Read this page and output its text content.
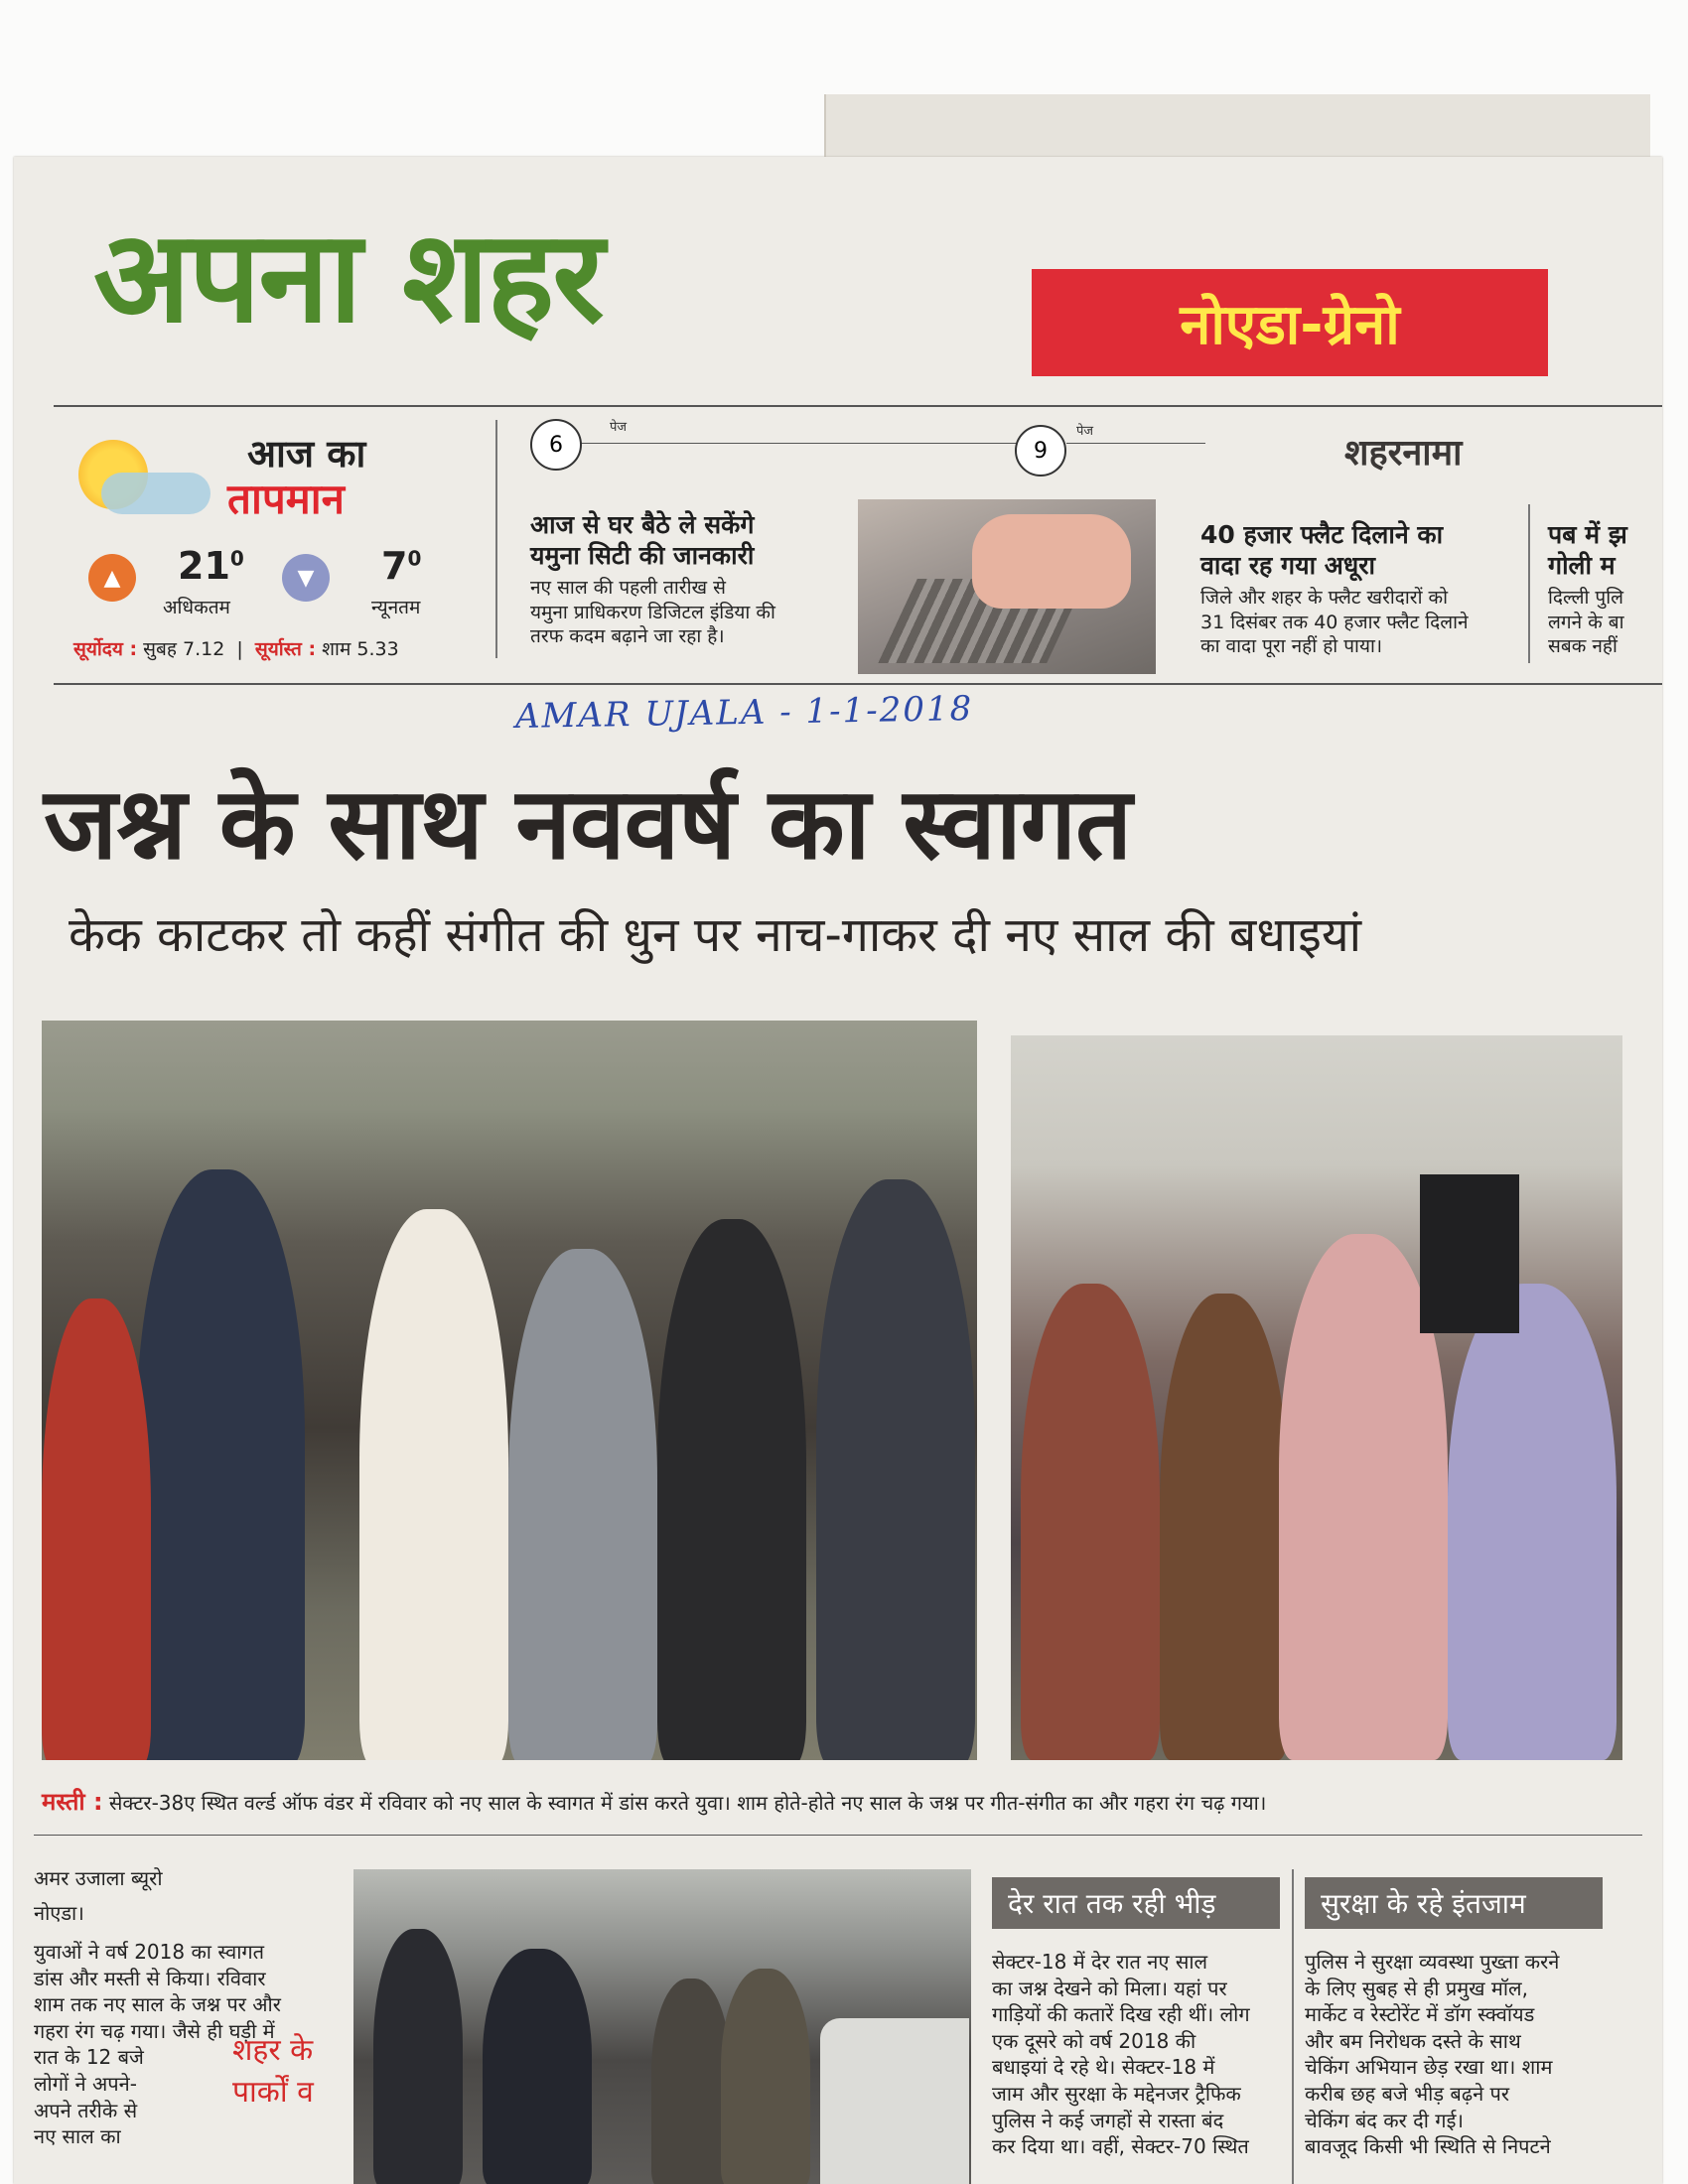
अपना शहर	नोएडा-ग्रेनो
आज का
तापमान
▲	$21^0$
अधिकतम
▼	$7^0$
न्यूनतम
सूर्योदय : सुबह 7.12  |  सूर्यास्त : शाम 5.33
6
पेज
9
पेज
शहरनामा
आज से घर बैठे ले सकेंगे
यमुना सिटी की जानकारी
नए साल की पहली तारीख से
यमुना प्राधिकरण डिजिटल इंडिया की
तरफ कदम बढ़ाने जा रहा है।
40 हजार फ्लैट दिलाने का
वादा रह गया अधूरा
जिले और शहर के फ्लैट खरीदारों को
31 दिसंबर तक 40 हजार फ्लैट दिलाने
का वादा पूरा नहीं हो पाया।
पब में झ
गोली म
दिल्ली पुलि
लगने के बा
सबक नहीं
AMAR UJALA - 1-1-2018
जश्न के साथ नववर्ष का स्वागत
केक काटकर तो कहीं संगीत की धुन पर नाच-गाकर दी नए साल की बधाइयां
मस्ती : सेक्टर-38ए स्थित वर्ल्ड ऑफ वंडर में रविवार को नए साल के स्वागत में डांस करते युवा। शाम होते-होते नए साल के जश्न पर गीत-संगीत का और गहरा रंग चढ़ गया।
अमर उजाला ब्यूरो
नोएडा।
युवाओं ने वर्ष 2018 का स्वागत
डांस और मस्ती से किया। रविवार
शाम तक नए साल के जश्न पर और
गहरा रंग चढ़ गया। जैसे ही घड़ी में
रात के 12 बजे
लोगों ने अपने-
अपने तरीके से
नए साल का
शहर के
पार्कों व
देर रात तक रही भीड़
सेक्टर-18 में देर रात नए साल
का जश्न देखने को मिला। यहां पर
गाड़ियों की कतारें दिख रही थीं। लोग
एक दूसरे को वर्ष 2018 की
बधाइयां दे रहे थे। सेक्टर-18 में
जाम और सुरक्षा के मद्देनजर ट्रैफिक
पुलिस ने कई जगहों से रास्ता बंद
कर दिया था। वहीं, सेक्टर-70 स्थित
सुरक्षा के रहे इंतजाम
पुलिस ने सुरक्षा व्यवस्था पुख्ता करने
के लिए सुबह से ही प्रमुख मॉल,
मार्केट व रेस्टोरेंट में डॉग स्क्वॉयड
और बम निरोधक दस्ते के साथ
चेकिंग अभियान छेड़ रखा था। शाम
करीब छह बजे भीड़ बढ़ने पर
चेकिंग बंद कर दी गई।
बावजूद किसी भी स्थिति से निपटने
